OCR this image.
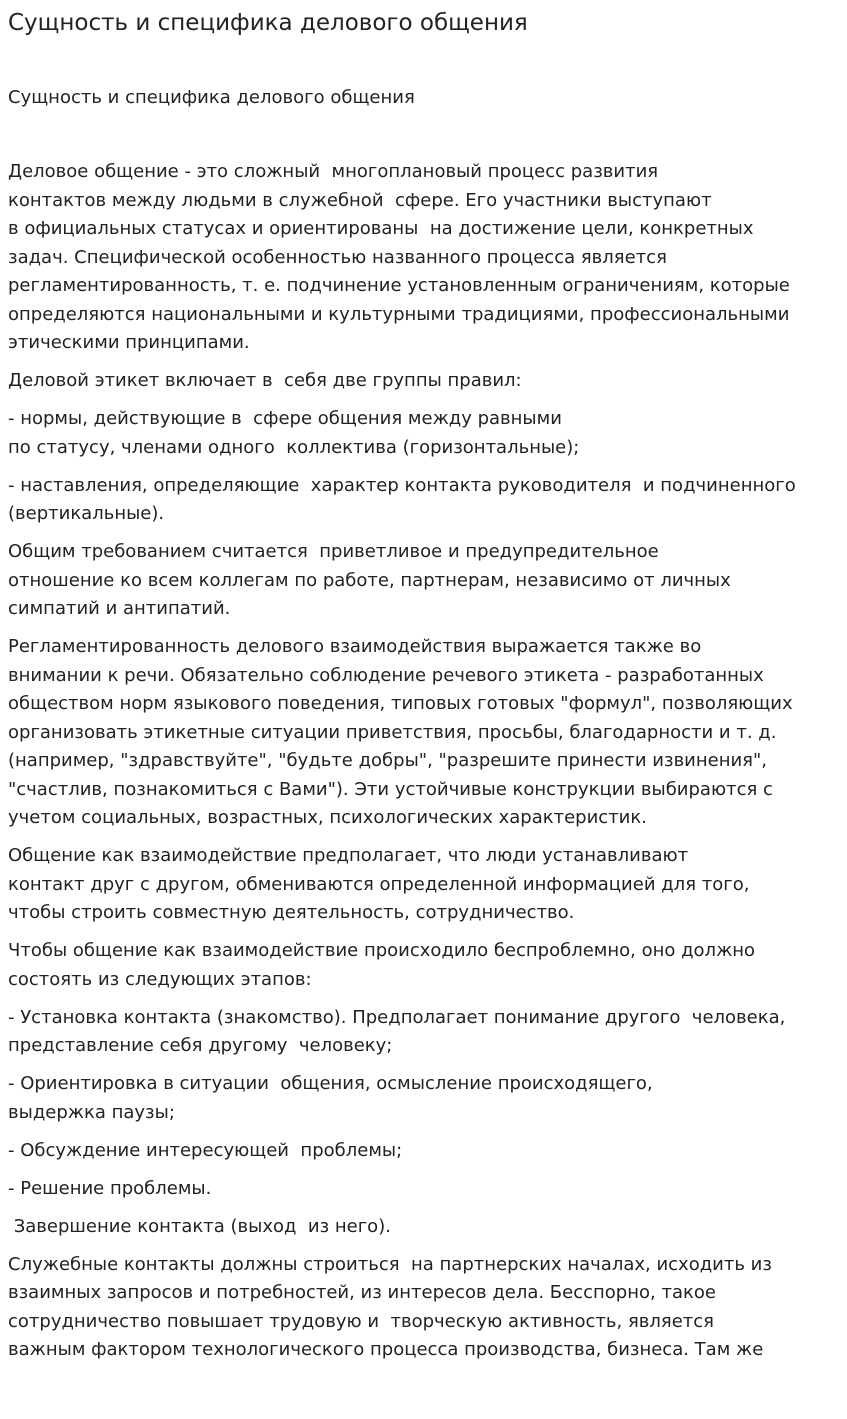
Сущность и специфика делового общения
Сущность и специфика делового общения

Деловое общение - это сложный  многоплановый процесс развития
контактов между людьми в служебной  сфере. Его участники выступают
в официальных статусах и ориентированы  на достижение цели, конкретных
задач. Специфической особенностью названного процесса является
регламентированность, т. е. подчинение установленным ограничениям, которые
определяются национальными и культурными традициями, профессиональными
этическими принципами.

Деловой этикет включает в  себя две группы правил:

- нормы, действующие в  сфере общения между равными
по статусу, членами одного  коллектива (горизонтальные);

- наставления, определяющие  характер контакта руководителя  и подчиненного
(вертикальные).

Общим требованием считается  приветливое и предупредительное
отношение ко всем коллегам по работе, партнерам, независимо от личных
симпатий и антипатий.

Регламентированность делового взаимодействия выражается также во
внимании к речи. Обязательно соблюдение речевого этикета - разработанных
обществом норм языкового поведения, типовых готовых "формул", позволяющих
организовать этикетные ситуации приветствия, просьбы, благодарности и т. д.
(например, "здравствуйте", "будьте добры", "разрешите принести извинения",
"счастлив, познакомиться с Вами"). Эти устойчивые конструкции выбираются с
учетом социальных, возрастных, психологических характеристик.

Общение как взаимодействие предполагает, что люди устанавливают
контакт друг с другом, обмениваются определенной информацией для того,
чтобы строить совместную деятельность, сотрудничество.

Чтобы общение как взаимодействие происходило беспроблемно, оно должно
состоять из следующих этапов:

- Установка контакта (знакомство). Предполагает понимание другого  человека,
представление себя другому  человеку;

- Ориентировка в ситуации  общения, осмысление происходящего,
выдержка паузы;

- Обсуждение интересующей  проблемы;

- Решение проблемы.

Завершение контакта (выход  из него).

Служебные контакты должны строиться  на партнерских началах, исходить из
взаимных запросов и потребностей, из интересов дела. Бесспорно, такое
сотрудничество повышает трудовую и  творческую активность, является
важным фактором технологического процесса производства, бизнеса. Там же
